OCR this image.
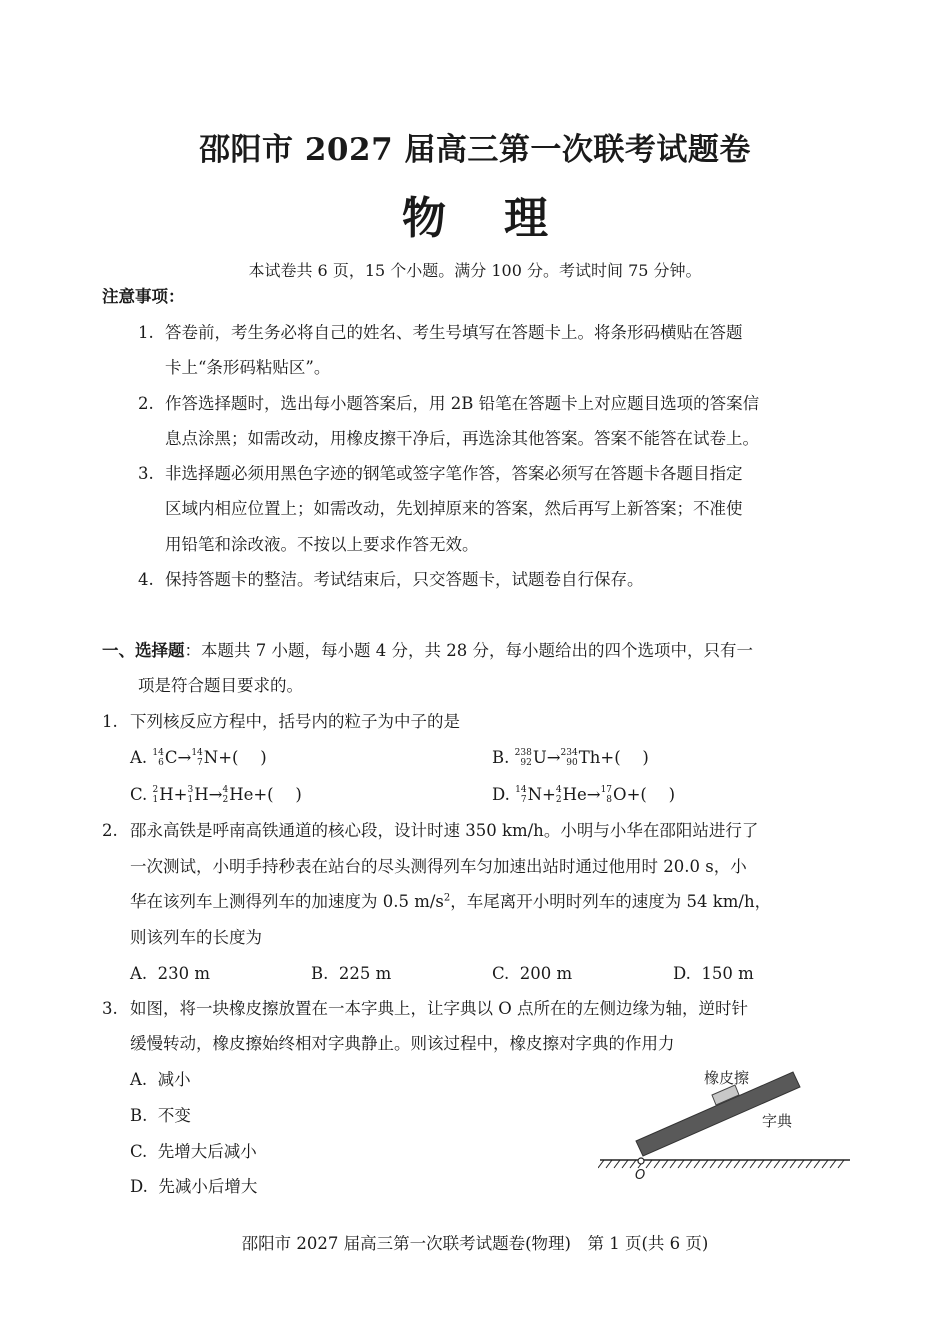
邵阳市 2027 届高三第一次联考试题卷
物理
本试卷共 6 页，15 个小题。满分 100 分。考试时间 75 分钟。
注意事项：
1. 答卷前，考生务必将自己的姓名、考生号填写在答题卡上。将条形码横贴在答题
卡上“条形码粘贴区”。
2. 作答选择题时，选出每小题答案后，用 2B 铅笔在答题卡上对应题目选项的答案信
息点涂黑；如需改动，用橡皮擦干净后，再选涂其他答案。答案不能答在试卷上。
3. 非选择题必须用黑色字迹的钢笔或签字笔作答，答案必须写在答题卡各题目指定
区域内相应位置上；如需改动，先划掉原来的答案，然后再写上新答案；不准使
用铅笔和涂改液。不按以上要求作答无效。
4. 保持答题卡的整洁。考试结束后，只交答题卡，试题卷自行保存。
一、选择题：本题共 7 小题，每小题 4 分，共 28 分，每小题给出的四个选项中，只有一
项是符合题目要求的。
1. 下列核反应方程中，括号内的粒子为中子的是
A. 14
6 C→ 14
7 N+(　 )	B. 238
92 U→ 234
90 Th+(　 )
C. 2
1 H+ 3
1 H→ 4
2 He+(　 )	D. 14
7 N+ 4
2 He→ 17
8 O+(　 )
2. 邵永高铁是呼南高铁通道的核心段，设计时速 350 km/h。小明与小华在邵阳站进行了
一次测试，小明手持秒表在站台的尽头测得列车匀加速出站时通过他用时 20.0 s，小
华在该列车上测得列车的加速度为 0.5 $m/s^2$，车尾离开小明时列车的速度为 54 km/h，
则该列车的长度为
A. 230 m	B. 225 m	C. 200 m	D. 150 m
3. 如图，将一块橡皮擦放置在一本字典上，让字典以 O 点所在的左侧边缘为轴，逆时针
缓慢转动，橡皮擦始终相对字典静止。则该过程中，橡皮擦对字典的作用力
A. 减小
B. 不变
C. 先增大后减小
D. 先减小后增大
橡皮擦
字典
O
邵阳市 2027 届高三第一次联考试题卷(物理)　第 1 页(共 6 页)
